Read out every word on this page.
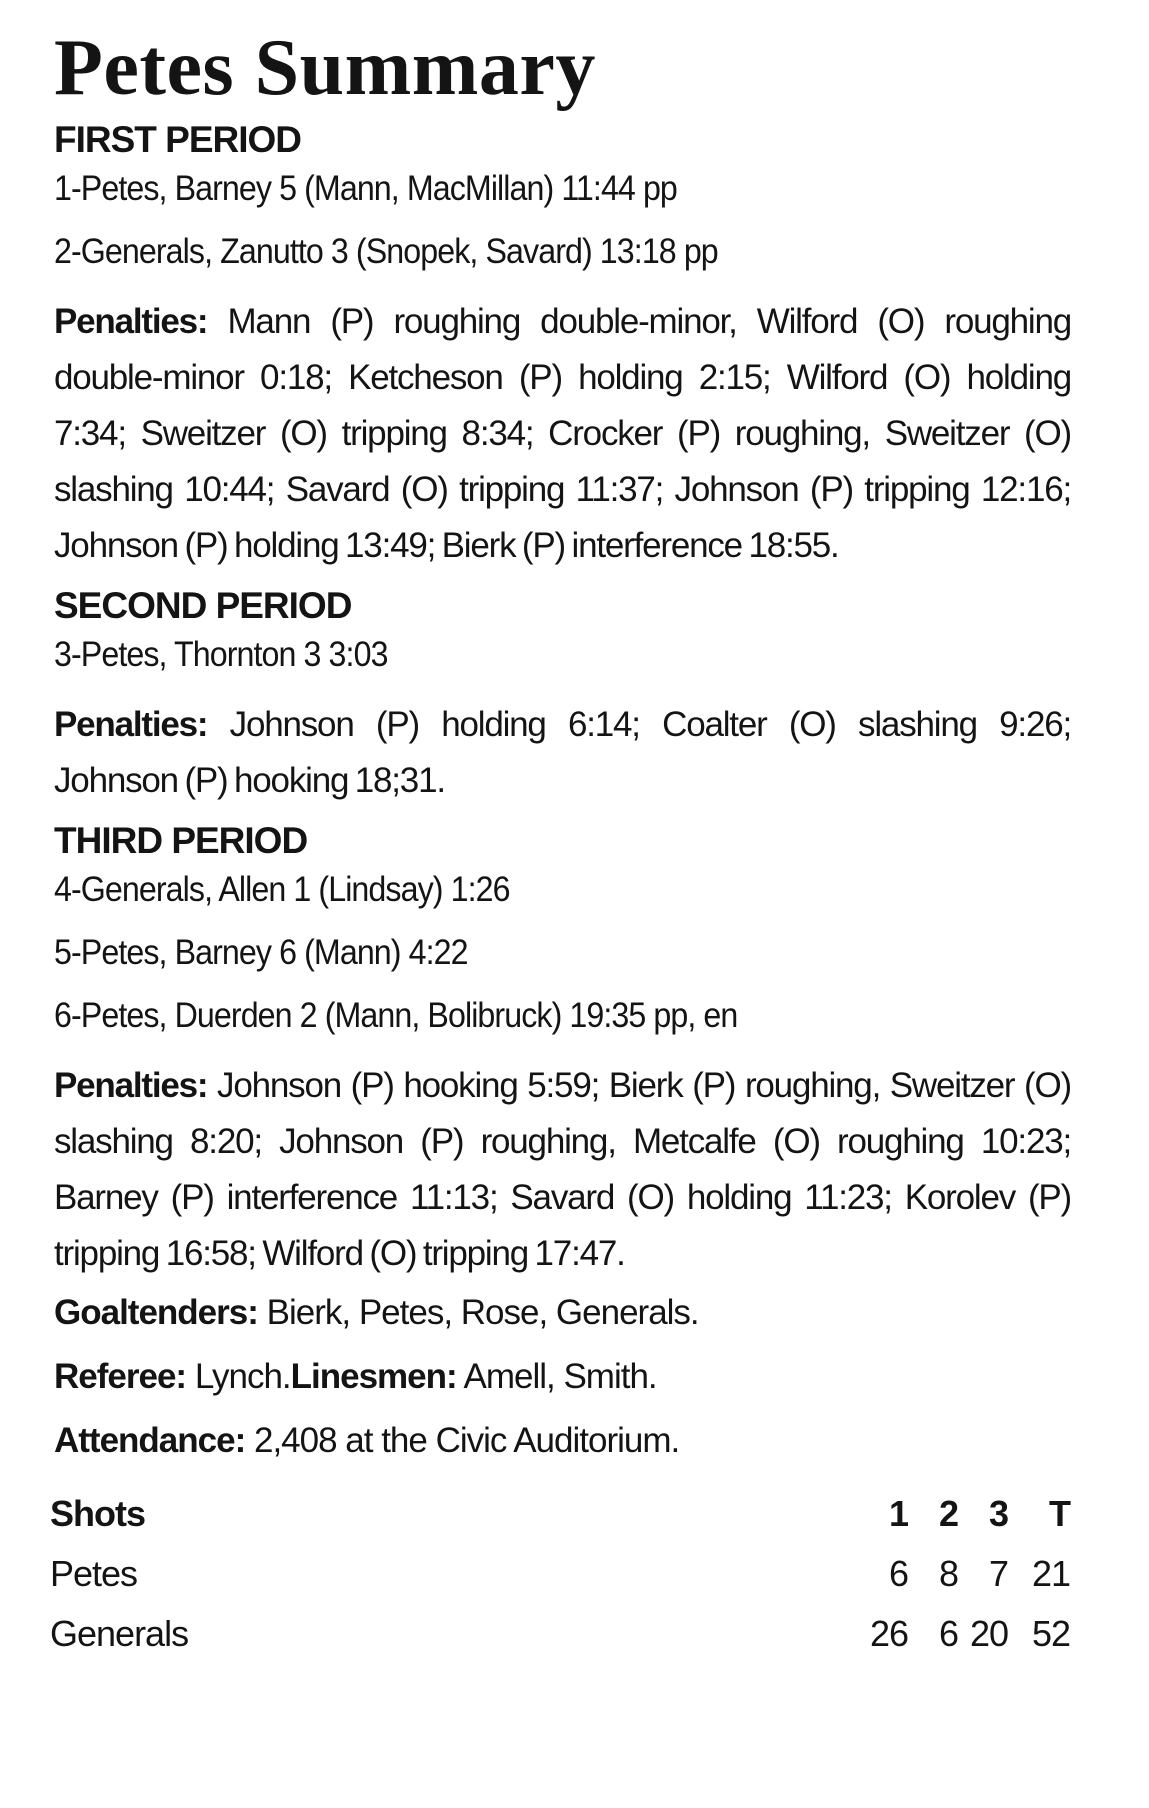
Petes Summary
FIRST PERIOD
1-Petes, Barney 5 (Mann, MacMillan) 11:44 pp
2-Generals, Zanutto 3 (Snopek, Savard) 13:18 pp
Penalties: Mann (P) roughing double-minor, Wilford (O) roughing double-minor 0:18; Ketcheson (P) holding 2:15; Wilford (O) holding 7:34; Sweitzer (O) tripping 8:34; Crocker (P) roughing, Sweitzer (O) slashing 10:44; Savard (O) tripping 11:37; Johnson (P) tripping 12:16; Johnson (P) holding 13:49; Bierk (P) interference 18:55.
SECOND PERIOD
3-Petes, Thornton 3 3:03
Penalties: Johnson (P) holding 6:14; Coalter (O) slashing 9:26; Johnson (P) hooking 18;31.
THIRD PERIOD
4-Generals, Allen 1 (Lindsay) 1:26
5-Petes, Barney 6 (Mann) 4:22
6-Petes, Duerden 2 (Mann, Bolibruck) 19:35 pp, en
Penalties: Johnson (P) hooking 5:59; Bierk (P) roughing, Sweitzer (O) slashing 8:20; Johnson (P) roughing, Metcalfe (O) roughing 10:23; Barney (P) interference 11:13; Savard (O) holding 11:23; Korolev (P) tripping 16:58; Wilford (O) tripping 17:47.
Goaltenders: Bierk, Petes, Rose, Generals.
Referee: Lynch.Linesmen: Amell, Smith.
Attendance: 2,408 at the Civic Auditorium.
Shots	1	2	3	T
Petes	6	8	7	21
Generals	26	6	20	52
